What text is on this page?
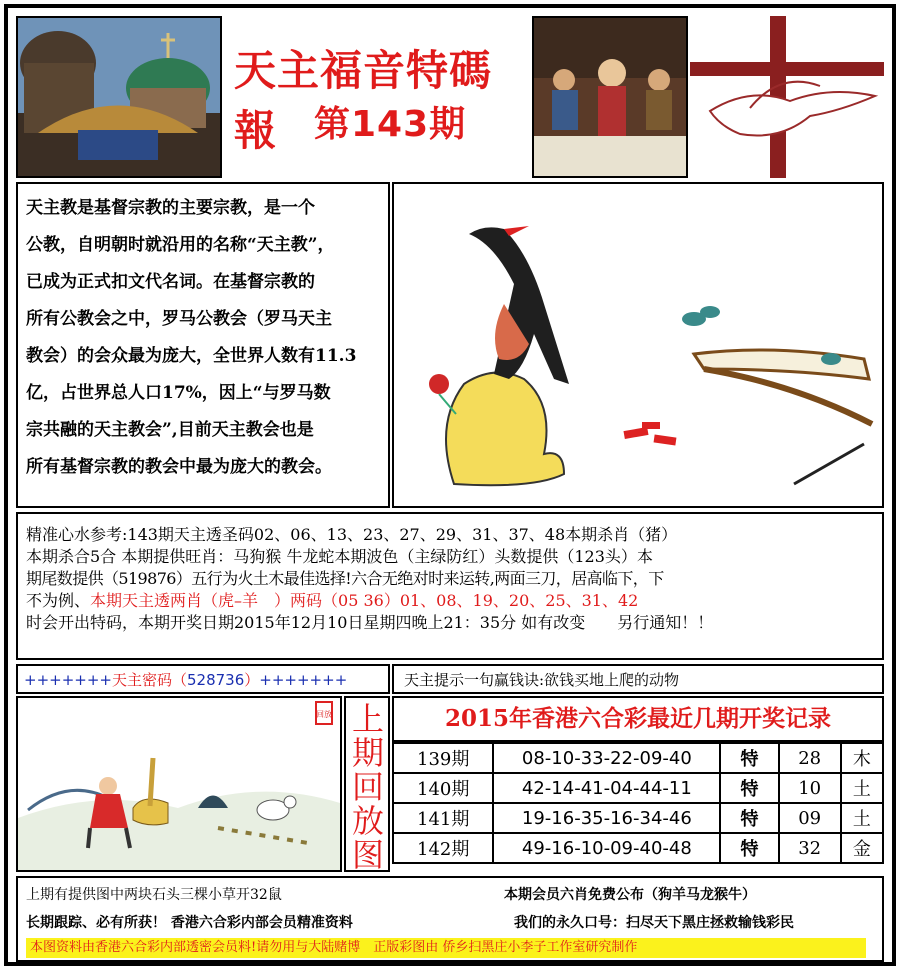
天主福音特碼報	第143期

天主教是基督宗教的主要宗教，是一个

公教，自明朝时就沿用的名称“天主教”，

已成为正式扣文代名词。在基督宗教的

所有公教会之中，罗马公教会（罗马天主

教会）的会众最为庞大，全世界人数有11.3

亿，占世界总人口17%，因上“与罗马数

宗共融的天主教会”,目前天主教会也是

所有基督宗教的教会中最为庞大的教会。

精准心水参考:143期天主透圣码02、06、13、23、27、29、31、37、48本期杀肖（猪）
本期杀合5合 本期提供旺肖：马狗猴 牛龙蛇本期波色（主绿防红）头数提供（123头）本
期尾数提供（519876）五行为火土木最佳选择!六合无绝对时来运转,两面三刀，居高临下，下
不为例、本期天主透两肖（虎–羊　）两码（05 36）01、08、19、20、25、31、42
时会开出特码，本期开奖日期2015年12月10日星期四晚上21：35分 如有改变　　另行通知！！
+++++++天主密码（528736）+++++++	天主提示一句赢钱诀:欲钱买地上爬的动物
回放 上
期
回
放
图
2015年香港六合彩最近几期开奖记录
139期	08-10-33-22-09-40	特	28	木
140期	42-14-41-04-44-11	特	10	土
141期	19-16-35-16-34-46	特	09	土
142期	49-16-10-09-40-48	特	32	金
上期有提供图中两块石头三棵小草开32鼠	本期会员六肖免费公布（狗羊马龙猴牛）
长期跟踪、必有所获！ 香港六合彩内部会员精准资料	我们的永久口号：扫尽天下黑庄拯救输钱彩民
本图资料由香港六合彩内部透密会员料!请勿用与大陆赌博　正版彩图由 侨乡扫黑庄小李子工作室研究制作
